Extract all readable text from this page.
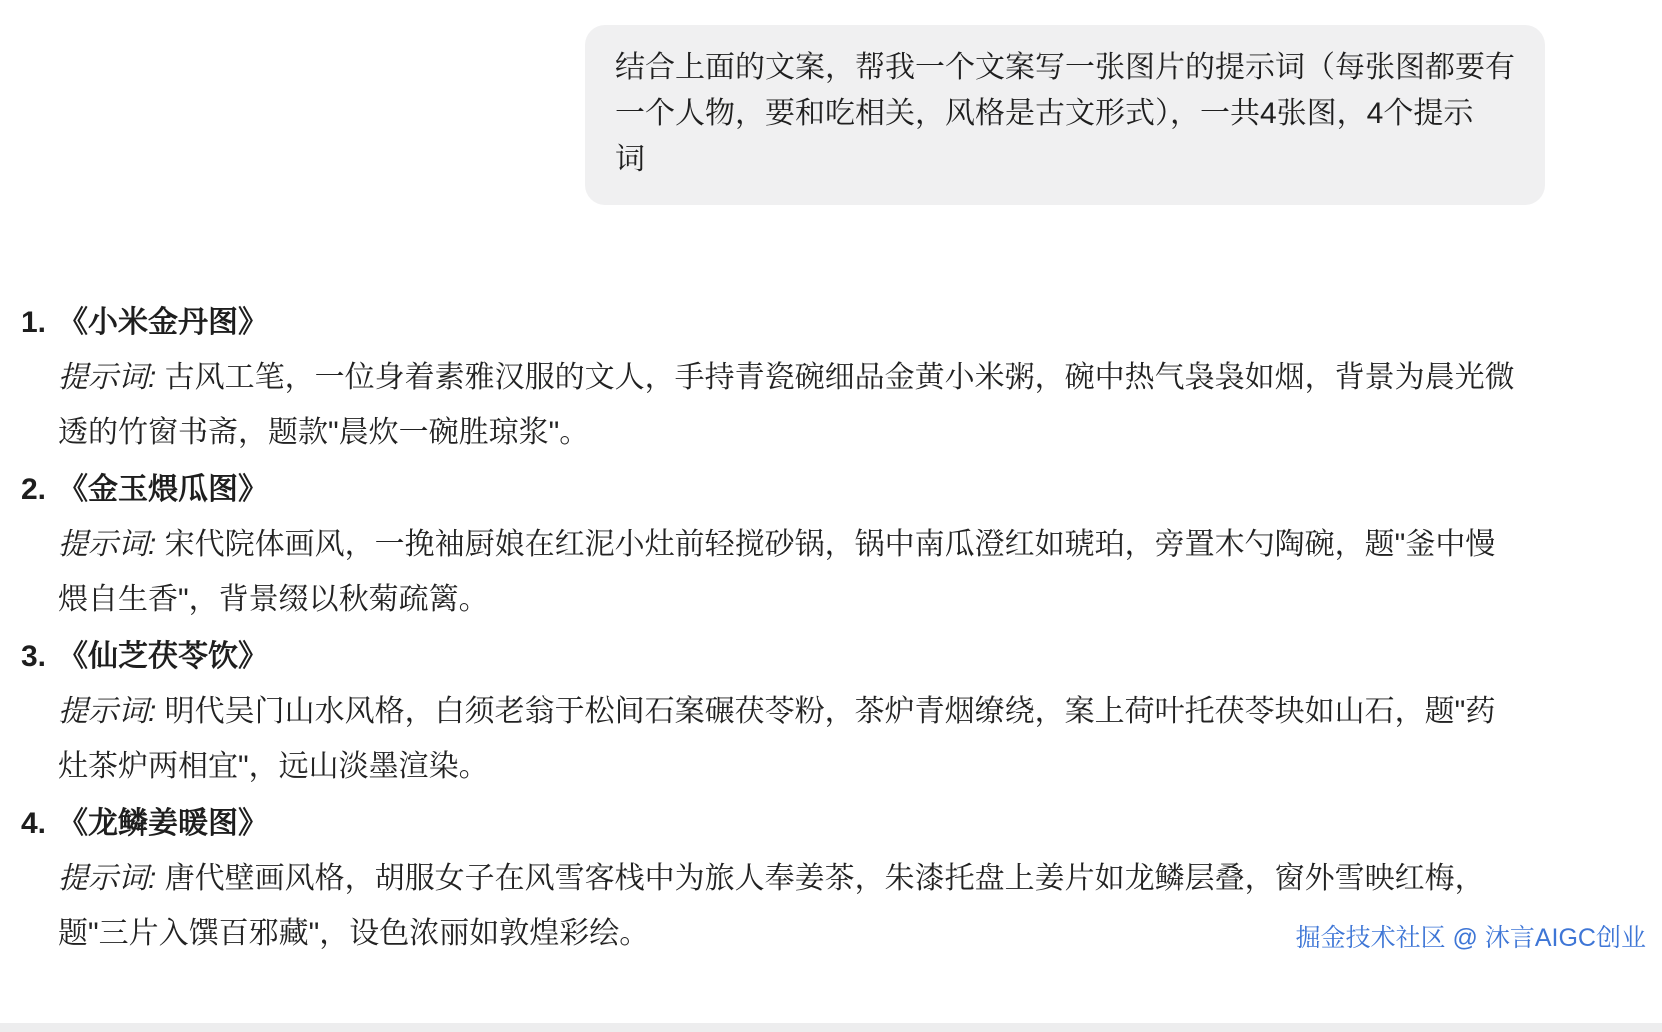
结合上面的文案，帮我一个文案写一张图片的提示词（每张图都要有
一个人物，要和吃相关，风格是古文形式），一共4张图，4个提示
词
1. 《小米金丹图》

提示词: 古风工笔，一位身着素雅汉服的文人，手持青瓷碗细品金黄小米粥，碗中热气袅袅如烟，背景为晨光微透的竹窗书斋，题款"晨炊一碗胜琼浆"。

2. 《金玉煨瓜图》

提示词: 宋代院体画风，一挽袖厨娘在红泥小灶前轻搅砂锅，锅中南瓜澄红如琥珀，旁置木勺陶碗，题"釜中慢煨自生香"，背景缀以秋菊疏篱。

3. 《仙芝茯苓饮》

提示词: 明代吴门山水风格，白须老翁于松间石案碾茯苓粉，茶炉青烟缭绕，案上荷叶托茯苓块如山石，题"药灶茶炉两相宜"，远山淡墨渲染。

4. 《龙鳞姜暖图》

提示词: 唐代壁画风格，胡服女子在风雪客栈中为旅人奉姜茶，朱漆托盘上姜片如龙鳞层叠，窗外雪映红梅，题"三片入馔百邪藏"，设色浓丽如敦煌彩绘。	掘金技术社区 @ 沐言AIGC创业
